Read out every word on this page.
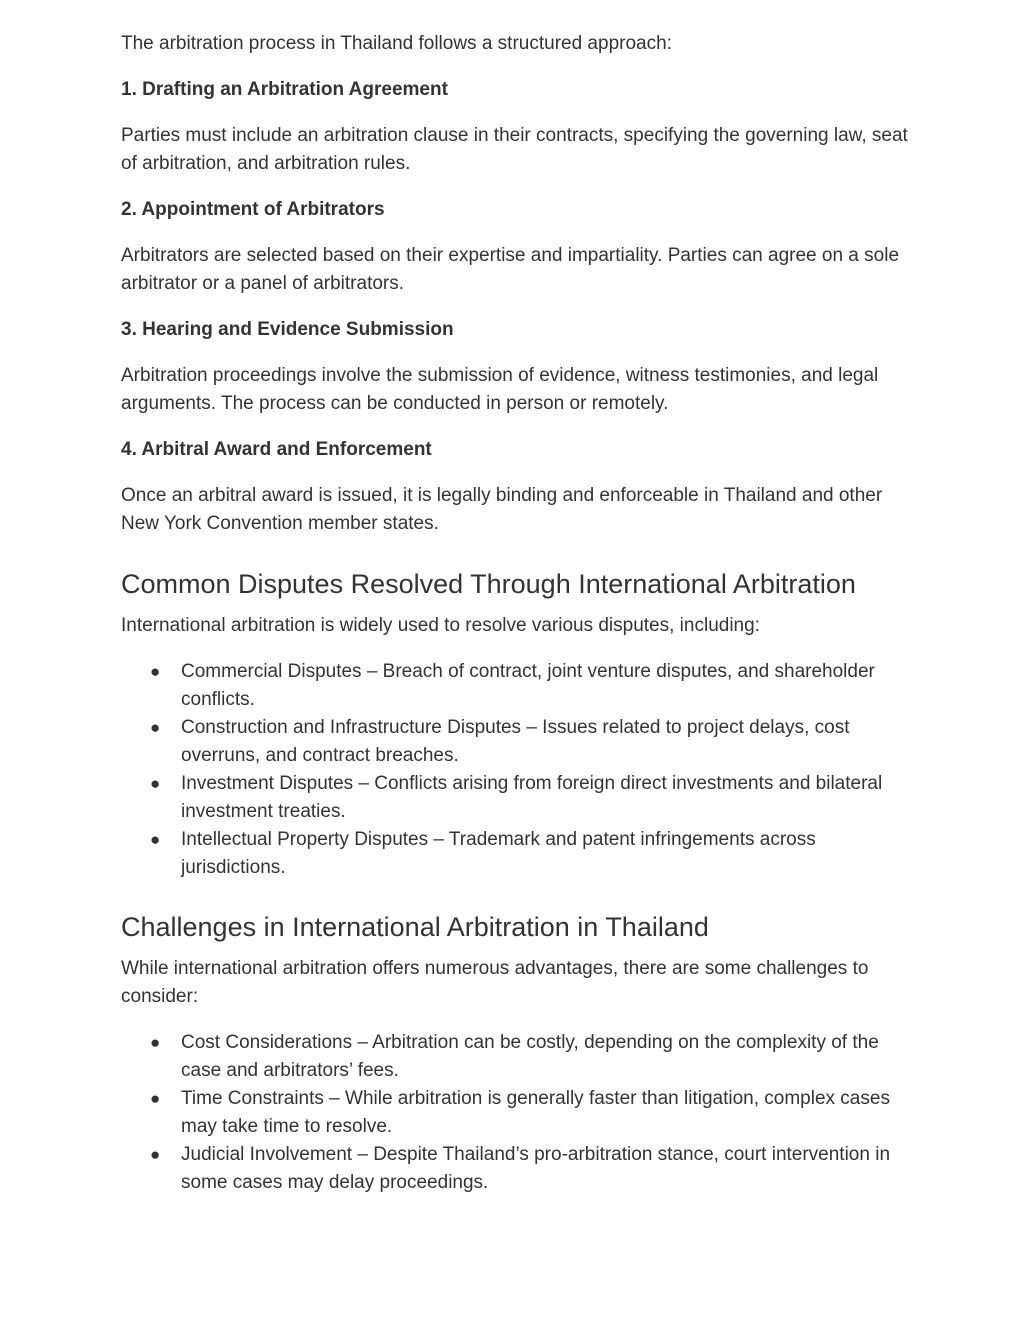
The arbitration process in Thailand follows a structured approach:

1. Drafting an Arbitration Agreement

Parties must include an arbitration clause in their contracts, specifying the governing law, seat of arbitration, and arbitration rules.

2. Appointment of Arbitrators

Arbitrators are selected based on their expertise and impartiality. Parties can agree on a sole arbitrator or a panel of arbitrators.

3. Hearing and Evidence Submission

Arbitration proceedings involve the submission of evidence, witness testimonies, and legal arguments. The process can be conducted in person or remotely.

4. Arbitral Award and Enforcement

Once an arbitral award is issued, it is legally binding and enforceable in Thailand and other New York Convention member states.

Common Disputes Resolved Through International Arbitration

International arbitration is widely used to resolve various disputes, including:

● Commercial Disputes – Breach of contract, joint venture disputes, and shareholder conflicts.
● Construction and Infrastructure Disputes – Issues related to project delays, cost overruns, and contract breaches.
● Investment Disputes – Conflicts arising from foreign direct investments and bilateral investment treaties.
● Intellectual Property Disputes – Trademark and patent infringements across jurisdictions.
Challenges in International Arbitration in Thailand

While international arbitration offers numerous advantages, there are some challenges to consider:

● Cost Considerations – Arbitration can be costly, depending on the complexity of the case and arbitrators’ fees.
● Time Constraints – While arbitration is generally faster than litigation, complex cases may take time to resolve.
● Judicial Involvement – Despite Thailand’s pro-arbitration stance, court intervention in some cases may delay proceedings.
